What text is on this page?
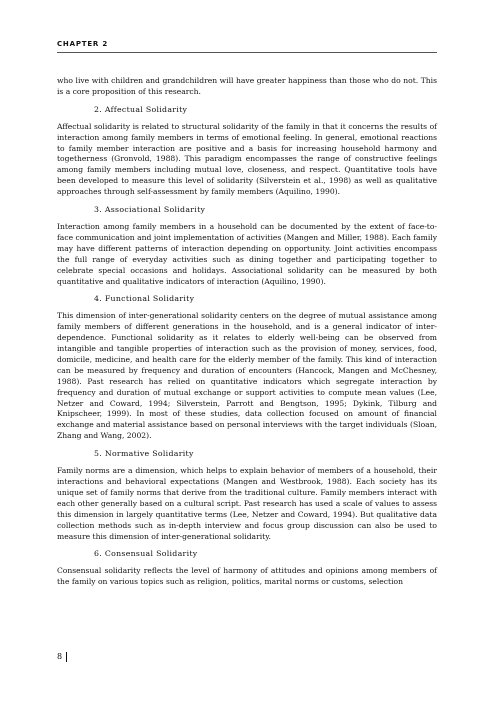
CHAPTER 2

who live with children and grandchildren will have greater happiness than those who do not. This is a core proposition of this research.

2. Affectual Solidarity

Affectual solidarity is related to structural solidarity of the family in that it concerns the results of interaction among family members in terms of emotional feeling. In general, emotional reactions to family member interaction are positive and a basis for increasing household harmony and togetherness (Gronvold, 1988). This paradigm encompasses the range of constructive feelings among family members including mutual love, closeness, and respect. Quantitative tools have been developed to measure this level of solidarity (Silverstein et al., 1998) as well as qualitative approaches through self-assessment by family members (Aquilino, 1990).

3. Associational Solidarity

Interaction among family members in a household can be documented by the extent of face-to-face communication and joint implementation of activities (Mangen and Miller, 1988). Each family may have different patterns of interaction depending on opportunity. Joint activities encompass the full range of everyday activities such as dining together and participating together to celebrate special occasions and holidays. Associational solidarity can be measured by both quantitative and qualitative indicators of interaction (Aquilino, 1990).

4. Functional Solidarity

This dimension of inter-generational solidarity centers on the degree of mutual assistance among family members of different generations in the household, and is a general indicator of inter-dependence. Functional solidarity as it relates to elderly well-being can be observed from intangible and tangible properties of interaction such as the provision of money, services, food, domicile, medicine, and health care for the elderly member of the family. This kind of interaction can be measured by frequency and duration of encounters (Hancock, Mangen and McChesney, 1988). Past research has relied on quantitative indicators which segregate interaction by frequency and duration of mutual exchange or support activities to compute mean values (Lee, Netzer and Coward, 1994; Silverstein, Parrott and Bengtson, 1995; Dykink, Tilburg and Knipscheer, 1999). In most of these studies, data collection focused on amount of financial exchange and material assistance based on personal interviews with the target individuals (Sloan, Zhang and Wang, 2002).

5. Normative Solidarity

Family norms are a dimension, which helps to explain behavior of members of a household, their interactions and behavioral expectations (Mangen and Westbrook, 1988). Each society has its unique set of family norms that derive from the traditional culture. Family members interact with each other generally based on a cultural script. Past research has used a scale of values to assess this dimension in largely quantitative terms (Lee, Netzer and Coward, 1994). But qualitative data collection methods such as in-depth interview and focus group discussion can also be used to measure this dimension of inter-generational solidarity.

6. Consensual Solidarity

Consensual solidarity reflects the level of harmony of attitudes and opinions among members of the family on various topics such as religion, politics, marital norms or customs, selection

8
